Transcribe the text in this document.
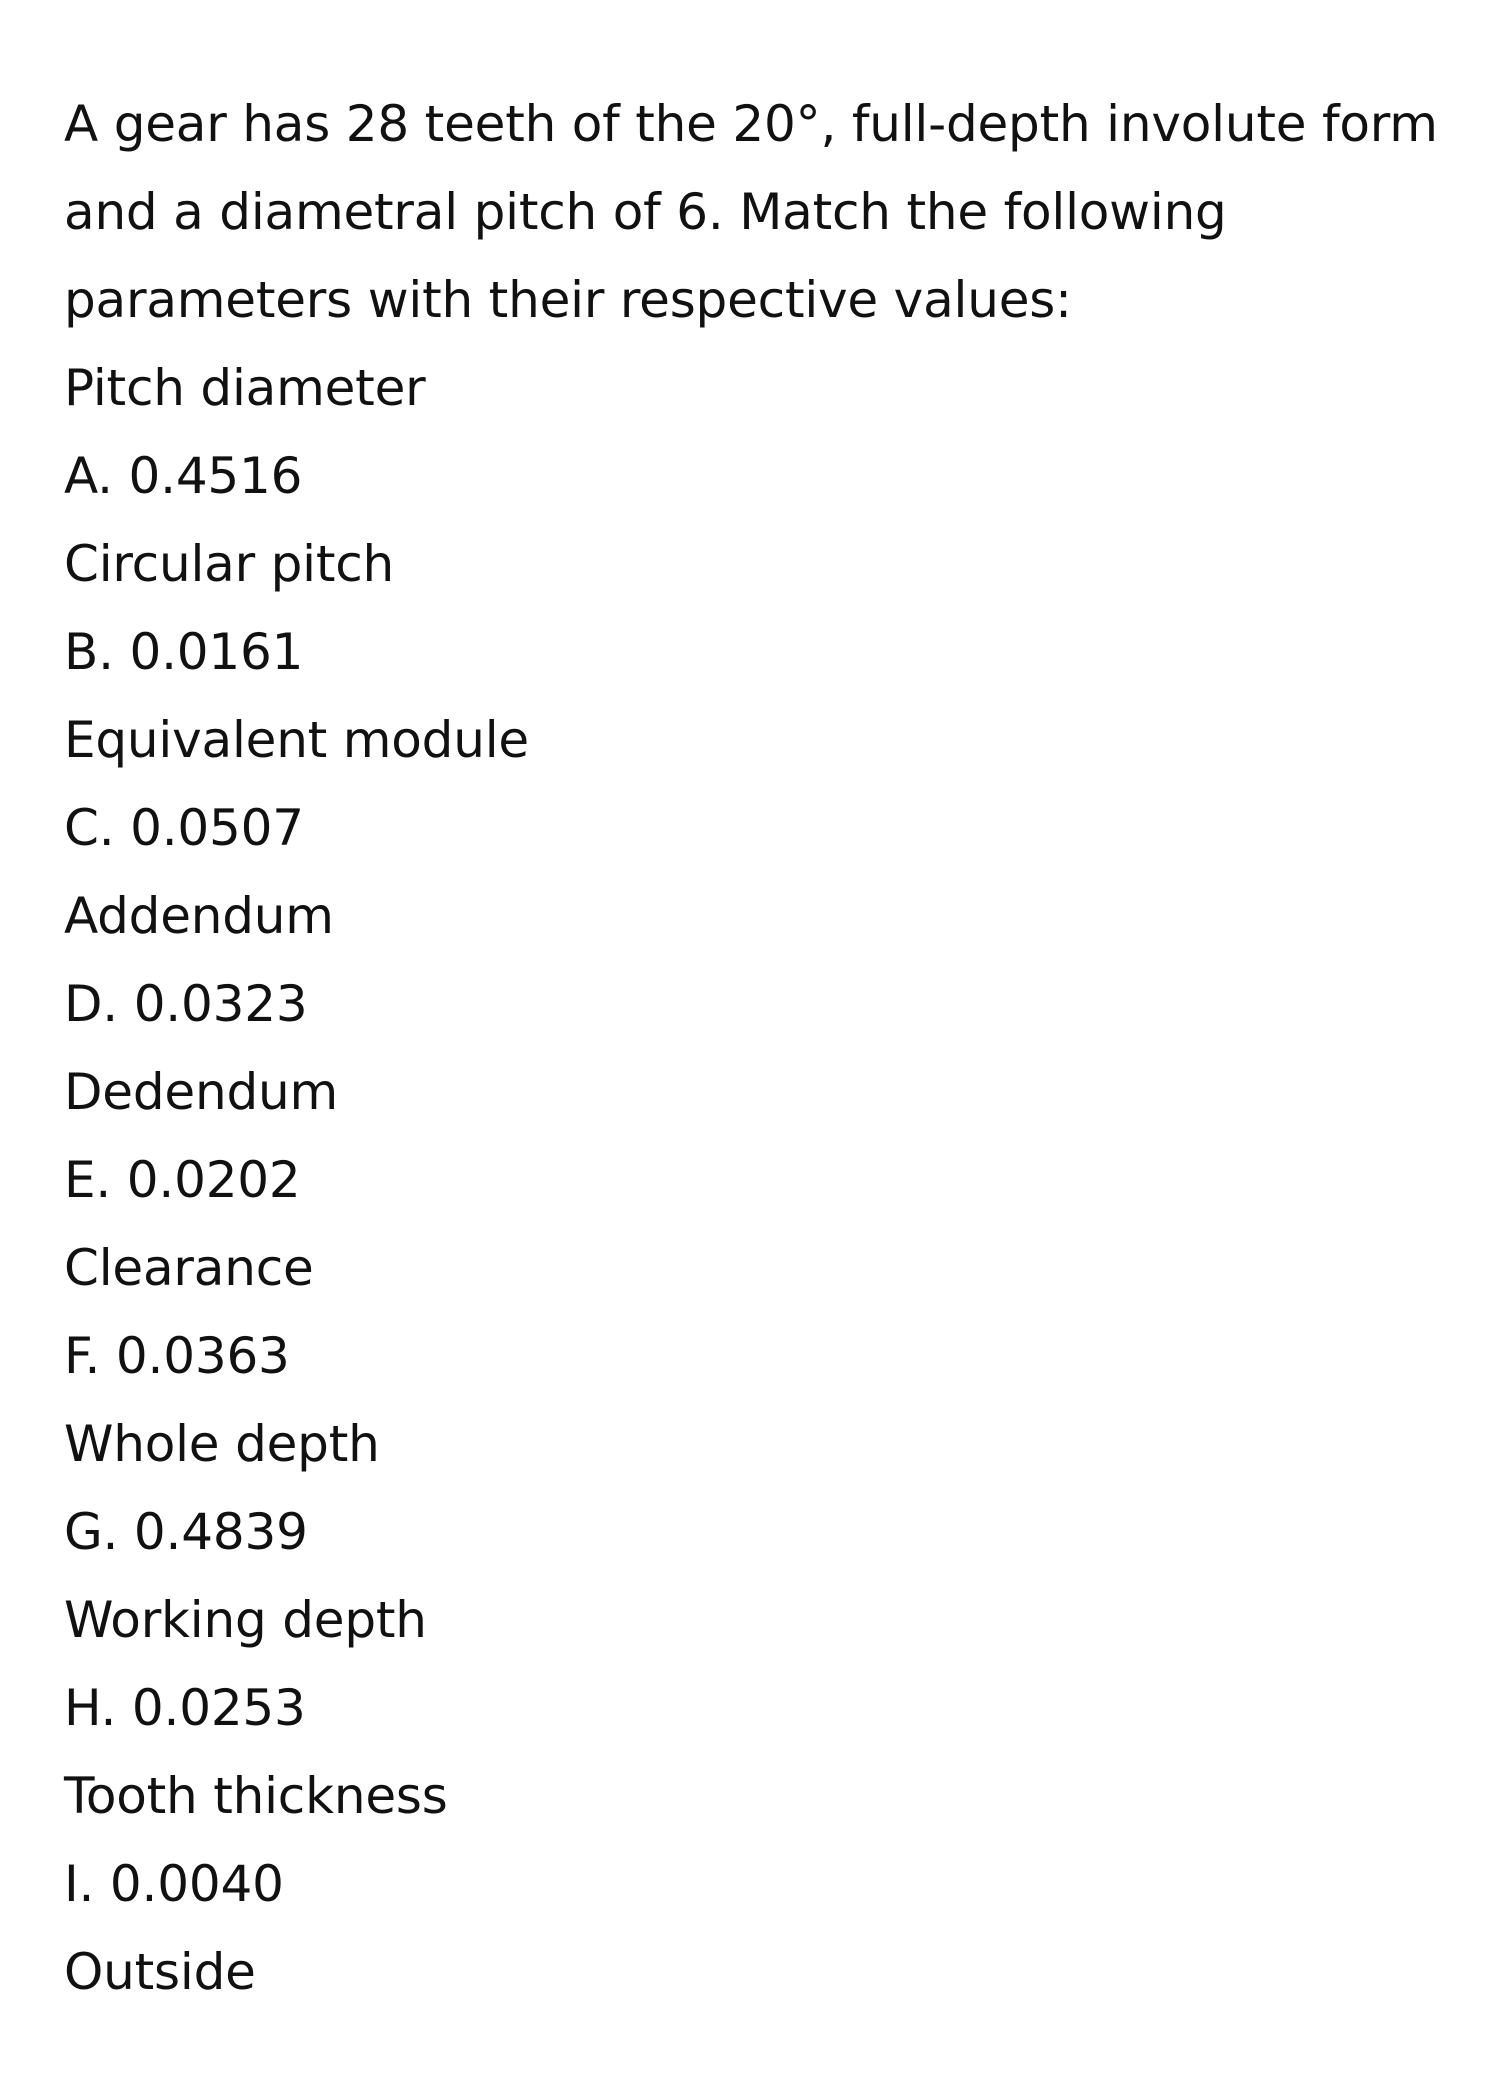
A gear has 28 teeth of the 20°, full-depth involute form and a diametral pitch of 6. Match the following parameters with their respective values:

Pitch diameter
A. 0.4516
Circular pitch
B. 0.0161
Equivalent module
C. 0.0507
Addendum
D. 0.0323
Dedendum
E. 0.0202
Clearance
F. 0.0363
Whole depth
G. 0.4839
Working depth
H. 0.0253
Tooth thickness
I. 0.0040
Outside
